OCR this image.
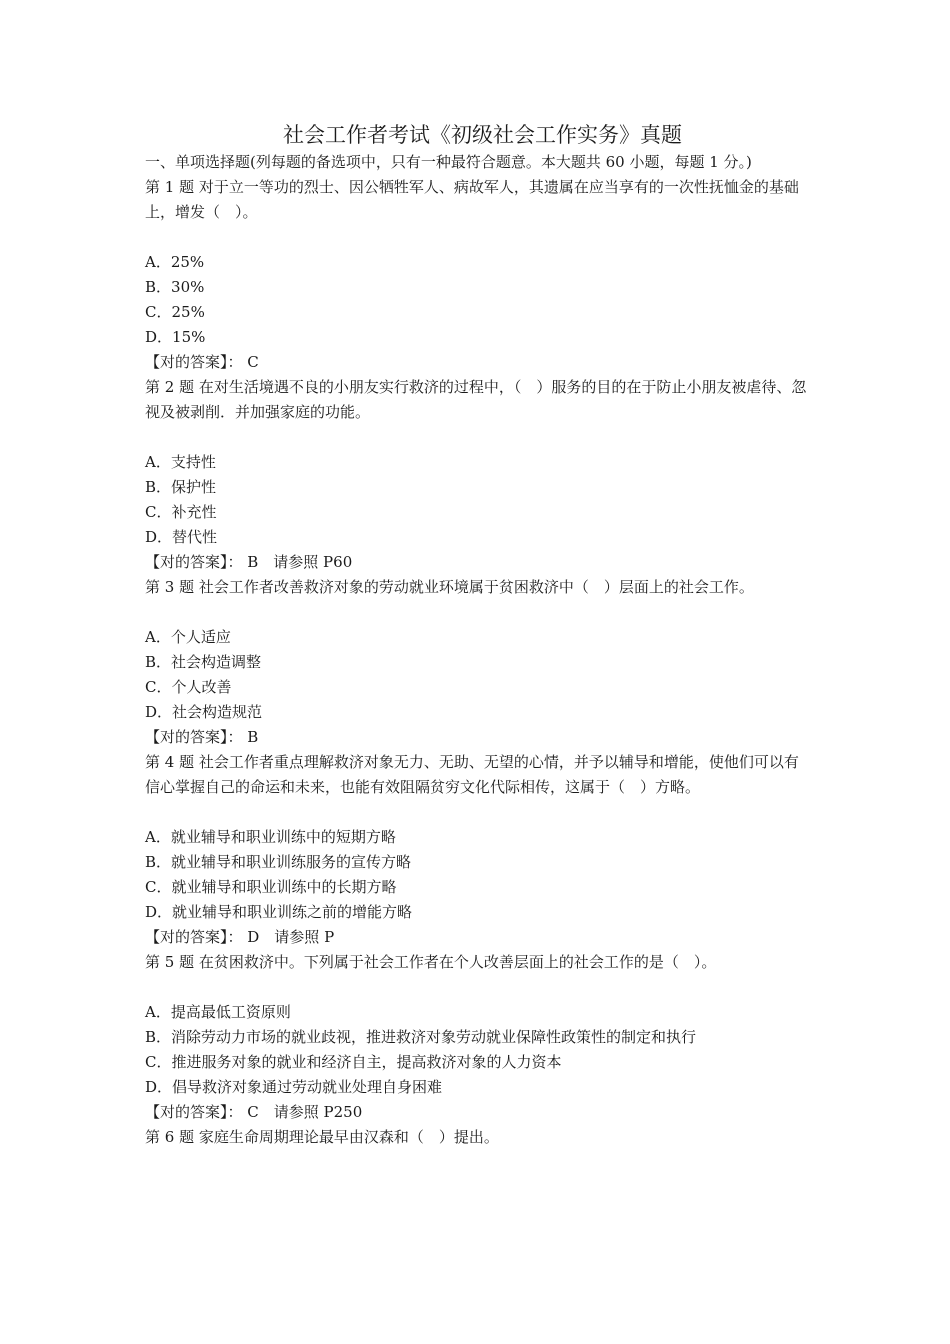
社会工作者考试《初级社会工作实务》真题

一、单项选择题(列每题的备选项中，只有一种最符合题意。本大题共 60 小题，每题 1 分。)

第 1 题 对于立一等功的烈士、因公牺牲军人、病故军人，其遗属在应当享有的一次性抚恤金的基础上，增发（　）。

A．25%

B．30%

C．25%

D．15%

【对的答案】： C

第 2 题 在对生活境遇不良的小朋友实行救济的过程中，（　）服务的目的在于防止小朋友被虐待、忽视及被剥削．并加强家庭的功能。

A．支持性

B．保护性

C．补充性

D．替代性

【对的答案】： B　请参照 P60

第 3 题 社会工作者改善救济对象的劳动就业环境属于贫困救济中（　）层面上的社会工作。

A．个人适应

B．社会构造调整

C．个人改善

D．社会构造规范

【对的答案】： B

第 4 题 社会工作者重点理解救济对象无力、无助、无望的心情，并予以辅导和增能，使他们可以有信心掌握自己的命运和未来，也能有效阻隔贫穷文化代际相传，这属于（　）方略。

A．就业辅导和职业训练中的短期方略

B．就业辅导和职业训练服务的宣传方略

C．就业辅导和职业训练中的长期方略

D．就业辅导和职业训练之前的增能方略

【对的答案】： D　请参照 P

第 5 题 在贫困救济中。下列属于社会工作者在个人改善层面上的社会工作的是（　）。

A．提高最低工资原则

B．消除劳动力市场的就业歧视，推进救济对象劳动就业保障性政策性的制定和执行

C．推进服务对象的就业和经济自主，提高救济对象的人力资本

D．倡导救济对象通过劳动就业处理自身困难

【对的答案】： C　请参照 P250

第 6 题 家庭生命周期理论最早由汉森和（　）提出。
